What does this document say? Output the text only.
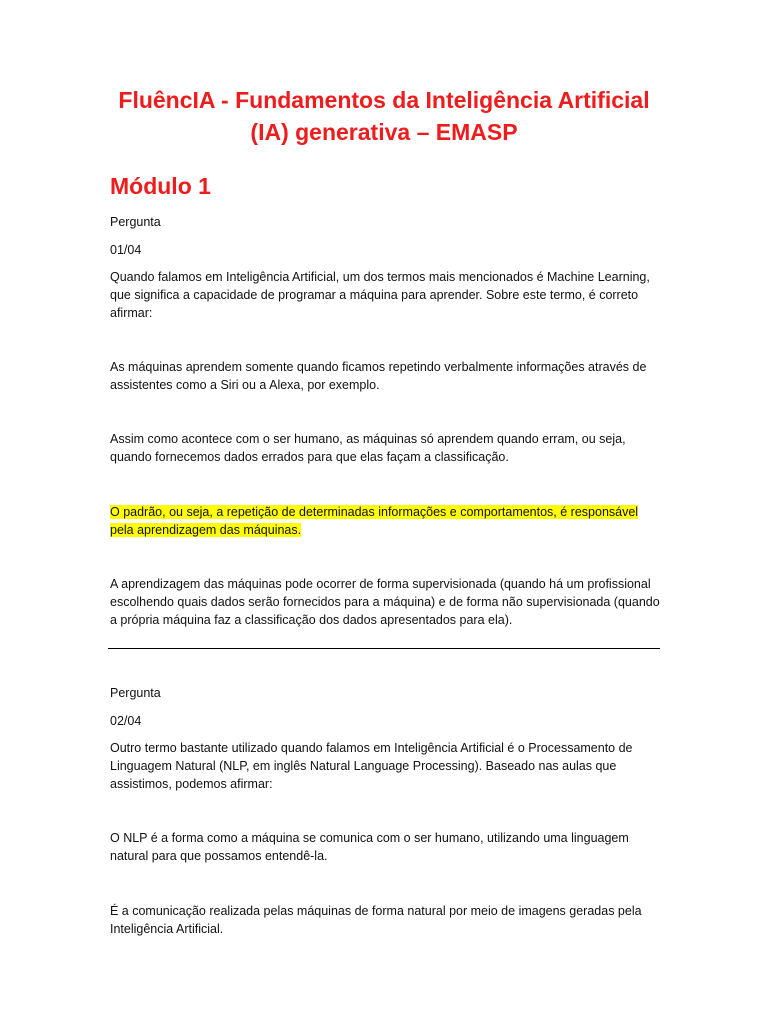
FluêncIA - Fundamentos da Inteligência Artificial (IA) generativa – EMASP
Módulo 1

Pergunta

01/04

Quando falamos em Inteligência Artificial, um dos termos mais mencionados é Machine Learning, que significa a capacidade de programar a máquina para aprender. Sobre este termo, é correto afirmar:

As máquinas aprendem somente quando ficamos repetindo verbalmente informações através de assistentes como a Siri ou a Alexa, por exemplo.

Assim como acontece com o ser humano, as máquinas só aprendem quando erram, ou seja, quando fornecemos dados errados para que elas façam a classificação.

O padrão, ou seja, a repetição de determinadas informações e comportamentos, é responsável pela aprendizagem das máquinas.

A aprendizagem das máquinas pode ocorrer de forma supervisionada (quando há um profissional escolhendo quais dados serão fornecidos para a máquina) e de forma não supervisionada (quando a própria máquina faz a classificação dos dados apresentados para ela).

Pergunta

02/04

Outro termo bastante utilizado quando falamos em Inteligência Artificial é o Processamento de Linguagem Natural (NLP, em inglês Natural Language Processing). Baseado nas aulas que assistimos, podemos afirmar:

O NLP é a forma como a máquina se comunica com o ser humano, utilizando uma linguagem natural para que possamos entendê-la.

É a comunicação realizada pelas máquinas de forma natural por meio de imagens geradas pela Inteligência Artificial.
